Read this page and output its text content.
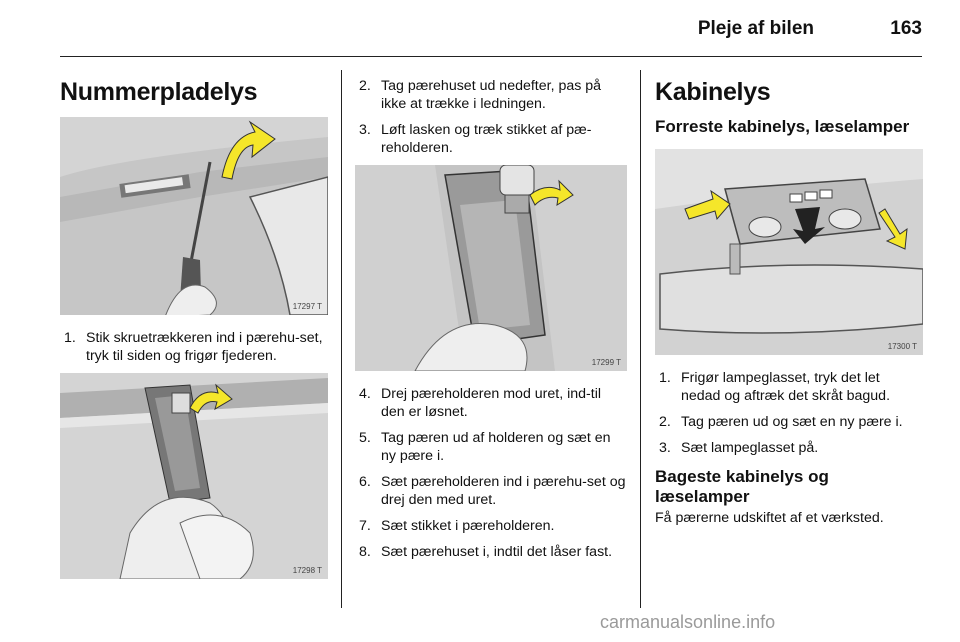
Pleje af bilen	163
Nummerpladelys
17297 T
1. Stik skruetrækkeren ind i pærehu-set, tryk til siden og frigør fjederen.
17298 T
2. Tag pærehuset ud nedefter, pas på ikke at trække i ledningen.
3. Løft lasken og træk stikket af pæ-reholderen.
17299 T
4. Drej pæreholderen mod uret, ind-til den er løsnet.
5. Tag pæren ud af holderen og sæt en ny pære i.
6. Sæt pæreholderen ind i pærehu-set og drej den med uret.
7. Sæt stikket i pæreholderen.
8. Sæt pærehuset i, indtil det låser fast.
Kabinelys
Forreste kabinelys, læselamper
17300 T
1. Frigør lampeglasset, tryk det let nedad og aftræk det skråt bagud.
2. Tag pæren ud og sæt en ny pære i.
3. Sæt lampeglasset på.
Bageste kabinelys og læselamper

Få pærerne udskiftet af et værksted.

carmanualsonline.info
